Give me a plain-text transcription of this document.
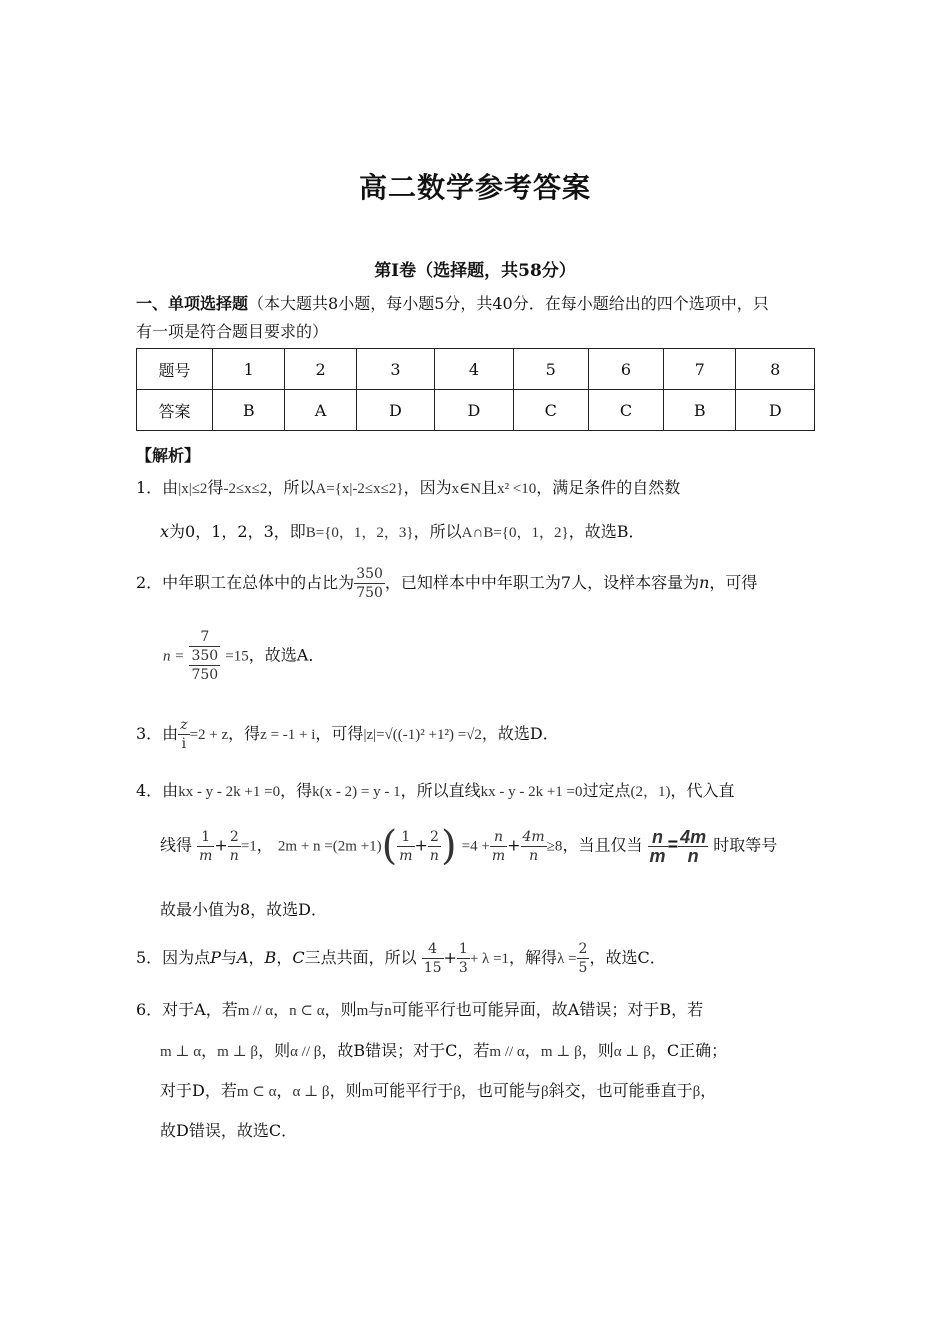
高二数学参考答案
第Ⅰ卷（选择题，共58分）
一、单项选择题（本大题共8小题，每小题5分，共40分．在每小题给出的四个选项中，只
有一项是符合题目要求的）
题号	1	2	3	4	5	6	7	8
答案	B	A	D	D	C	C	B	D
【解析】
1．由|x|≤2得-2≤x≤2，所以A={x|-2≤x≤2}，因为x∈N且x² <10，满足条件的自然数
x为0，1，2，3，即B={0，1，2，3}，所以A∩B={0，1，2}，故选B．
2．中年职工在总体中的占比为 $\frac{350}{750}$ ，已知样本中中年职工为7人，设样本容量为n，可得
n =
7
350
750
=15，故选A．
3．由 $\frac{z}{i} =2 + z$，得z = -1 + i，可得|z|=√((-1)² +1²) =√2，故选D．
4．由kx - y - 2k +1 =0，得k(x - 2) = y - 1，所以直线kx - y - 2k +1 =0过定点(2，1)，代入直
线得 $\frac{1}{m} + \frac{2}{n} =1$， $2m + n =(2m +1)( \frac{1}{m} + \frac{2}{n}$ ) $=4 + \frac{n}{m} + \frac{4m}{n} \ge 8$，当且仅当 $\frac{n}{m} = \frac{4m}{n}$ 时取等号
故最小值为8，故选D．
5．因为点P与A，B，C三点共面，所以 $\frac{4}{15} + \frac{1}{3} + \lambda =1$，解得$\lambda = \frac{2}{5}$ ，故选C．
6．对于A，若m // α，n ⊂ α，则m与n可能平行也可能异面，故A错误；对于B，若
m ⊥ α，m ⊥ β，则α // β，故B错误；对于C，若m // α，m ⊥ β，则α ⊥ β，C正确；
对于D，若m ⊂ α，α ⊥ β，则m可能平行于β，也可能与β斜交，也可能垂直于β，
故D错误，故选C．
